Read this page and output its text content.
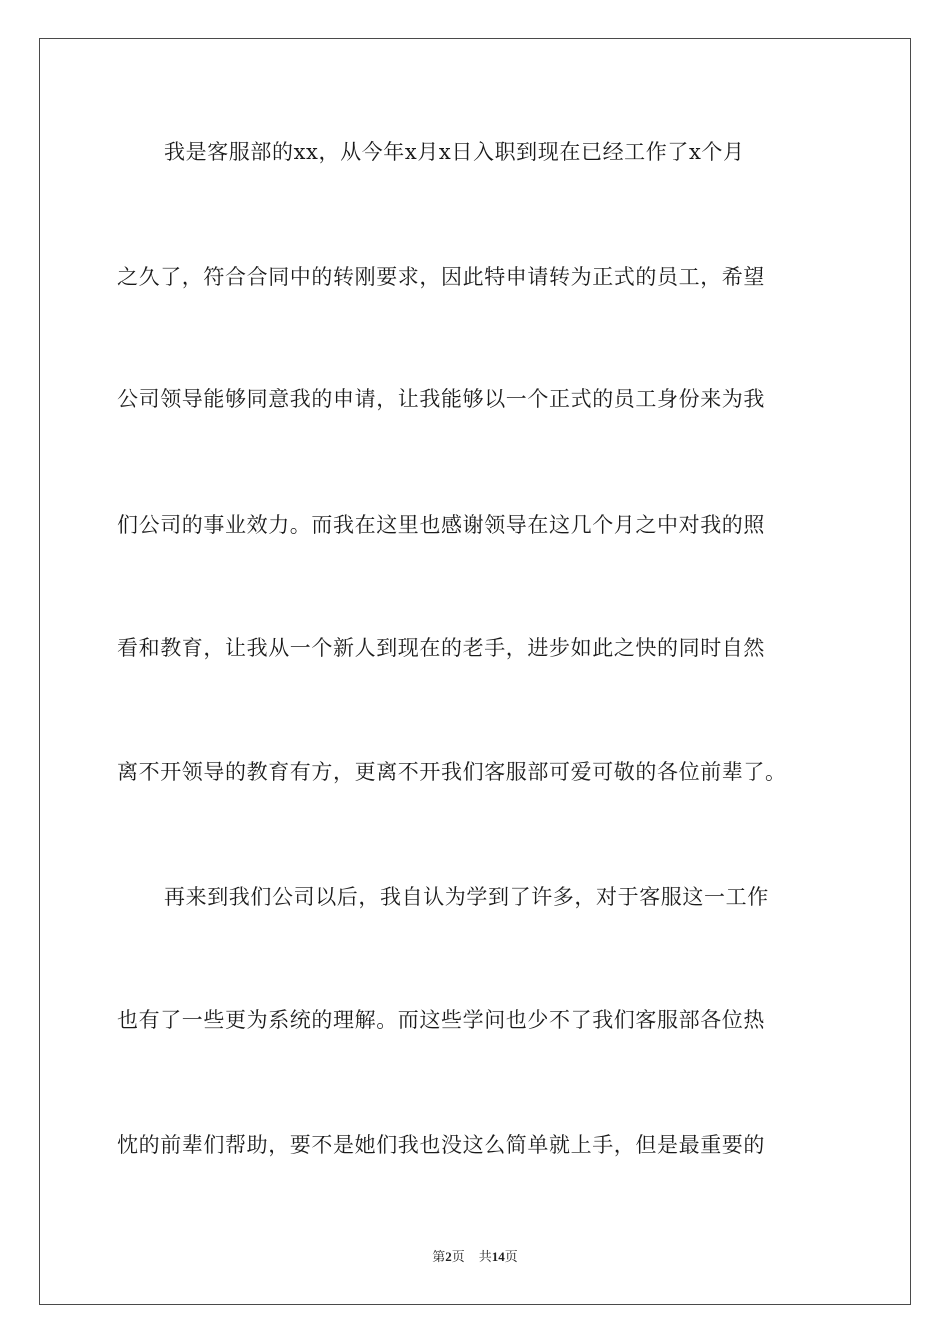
我是客服部的xx，从今年x月x日入职到现在已经工作了x个月
之久了，符合合同中的转刚要求，因此特申请转为正式的员工，希望
公司领导能够同意我的申请，让我能够以一个正式的员工身份来为我
们公司的事业效力。而我在这里也感谢领导在这几个月之中对我的照
看和教育，让我从一个新人到现在的老手，进步如此之快的同时自然
离不开领导的教育有方，更离不开我们客服部可爱可敬的各位前辈了。
再来到我们公司以后，我自认为学到了许多，对于客服这一工作
也有了一些更为系统的理解。而这些学问也少不了我们客服部各位热
忱的前辈们帮助，要不是她们我也没这么简单就上手，但是最重要的
第2页 共14页
